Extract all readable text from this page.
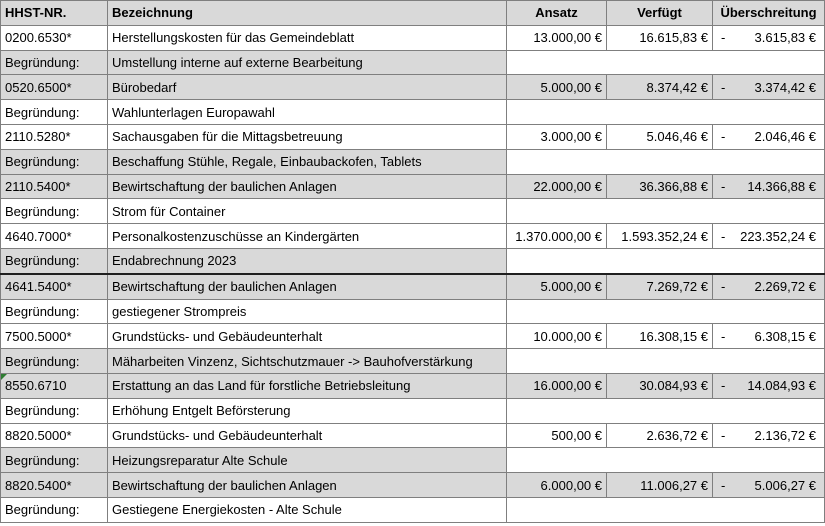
HHST-NR.	Bezeichnung	Ansatz	Verfügt	Überschreitung
0200.6530*	Herstellungskosten für das Gemeindeblatt	13.000,00 €	16.615,83 €	- 3.615,83 €

Begründung:	Umstellung interne auf externe Bearbeitung			
0520.6500*	Bürobedarf	5.000,00 €	8.374,42 €	- 3.374,42 €

Begründung:	Wahlunterlagen Europawahl			
2110.5280*	Sachausgaben für die Mittagsbetreuung	3.000,00 €	5.046,46 €	- 2.046,46 €

Begründung:	Beschaffung Stühle, Regale, Einbaubackofen, Tablets			
2110.5400*	Bewirtschaftung der baulichen Anlagen	22.000,00 €	36.366,88 €	- 14.366,88 €

Begründung:	Strom für Container			
4640.7000*	Personalkostenzuschüsse an Kindergärten	1.370.000,00 €	1.593.352,24 €	- 223.352,24 €

Begründung:	Endabrechnung 2023			
4641.5400*	Bewirtschaftung der baulichen Anlagen	5.000,00 €	7.269,72 €	- 2.269,72 €

Begründung:	gestiegener Strompreis			
7500.5000*	Grundstücks- und Gebäudeunterhalt	10.000,00 €	16.308,15 €	- 6.308,15 €

Begründung:	Mäharbeiten Vinzenz, Sichtschutzmauer -> Bauhofverstärkung			

8550.6710	Erstattung an das Land für forstliche Betriebsleitung	16.000,00 €	30.084,93 €	- 14.084,93 €

Begründung:	Erhöhung Entgelt Beförsterung			
8820.5000*	Grundstücks- und Gebäudeunterhalt	500,00 €	2.636,72 €	- 2.136,72 €

Begründung:	Heizungsreparatur Alte Schule			
8820.5400*	Bewirtschaftung der baulichen Anlagen	6.000,00 €	11.006,27 €	- 5.006,27 €

Begründung:	Gestiegene Energiekosten - Alte Schule			
